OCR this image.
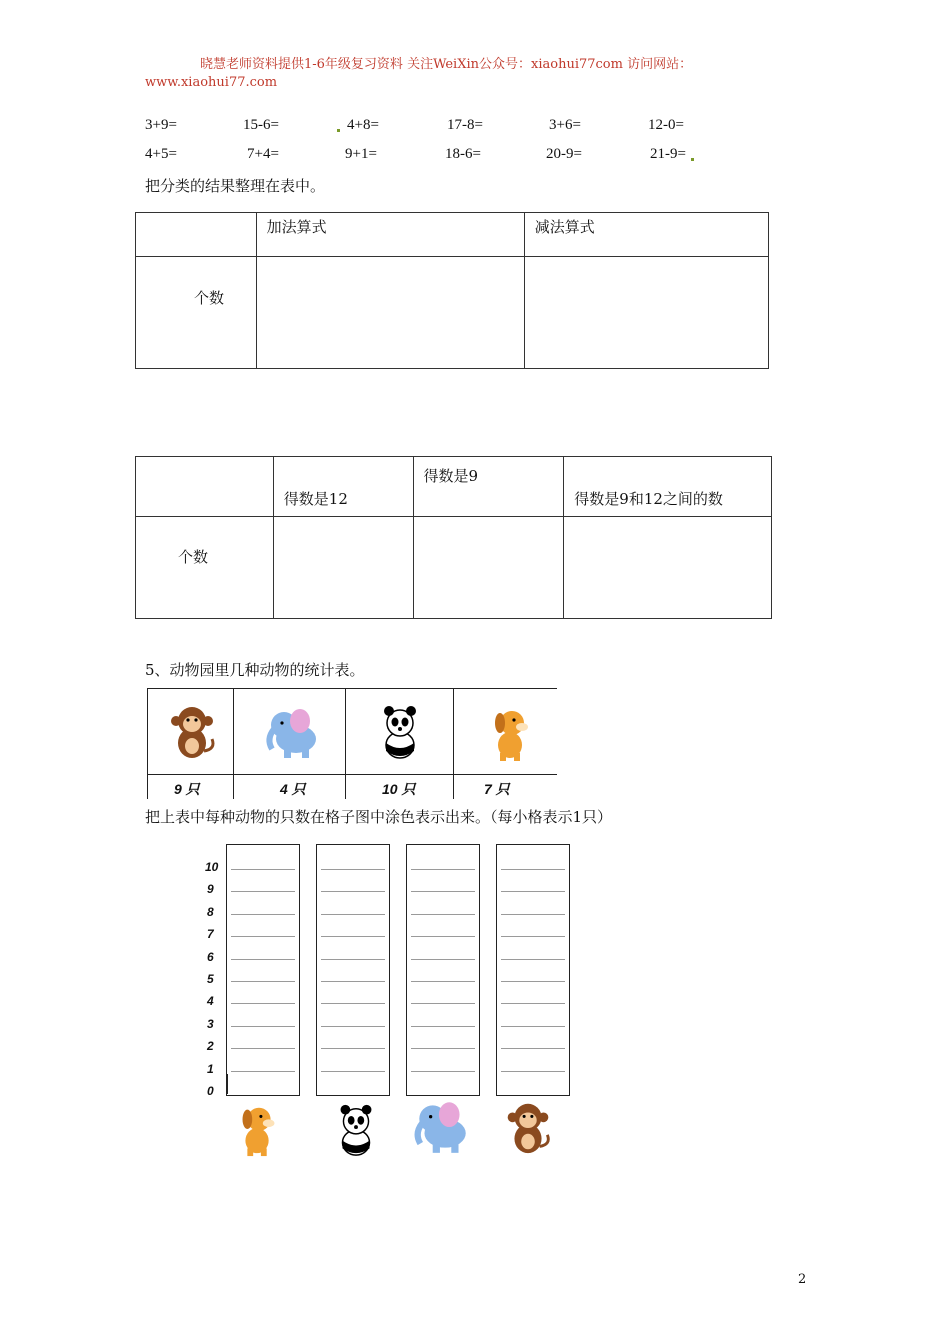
晓慧老师资料提供1-6年级复习资料 关注WeiXin公众号：xiaohui77com 访问网站：
www.xiaohui77.com
3+9=	15-6=	4+8=	17-8=	3+6=	12-0=
4+5=	7+4=	9+1=	18-6=	20-9=	21-9=
把分类的结果整理在表中。

	加法算式	减法算式

个数		

	得数是12	得数是9	得数是9和12之间的数

个数			

5、动物园里几种动物的统计表。
9 只	4 只	10 只	7 只
把上表中每种动物的只数在格子图中涂色表示出来。（每小格表示1只）
10
9
8
7
6
5
4
3
2
1
0
2
